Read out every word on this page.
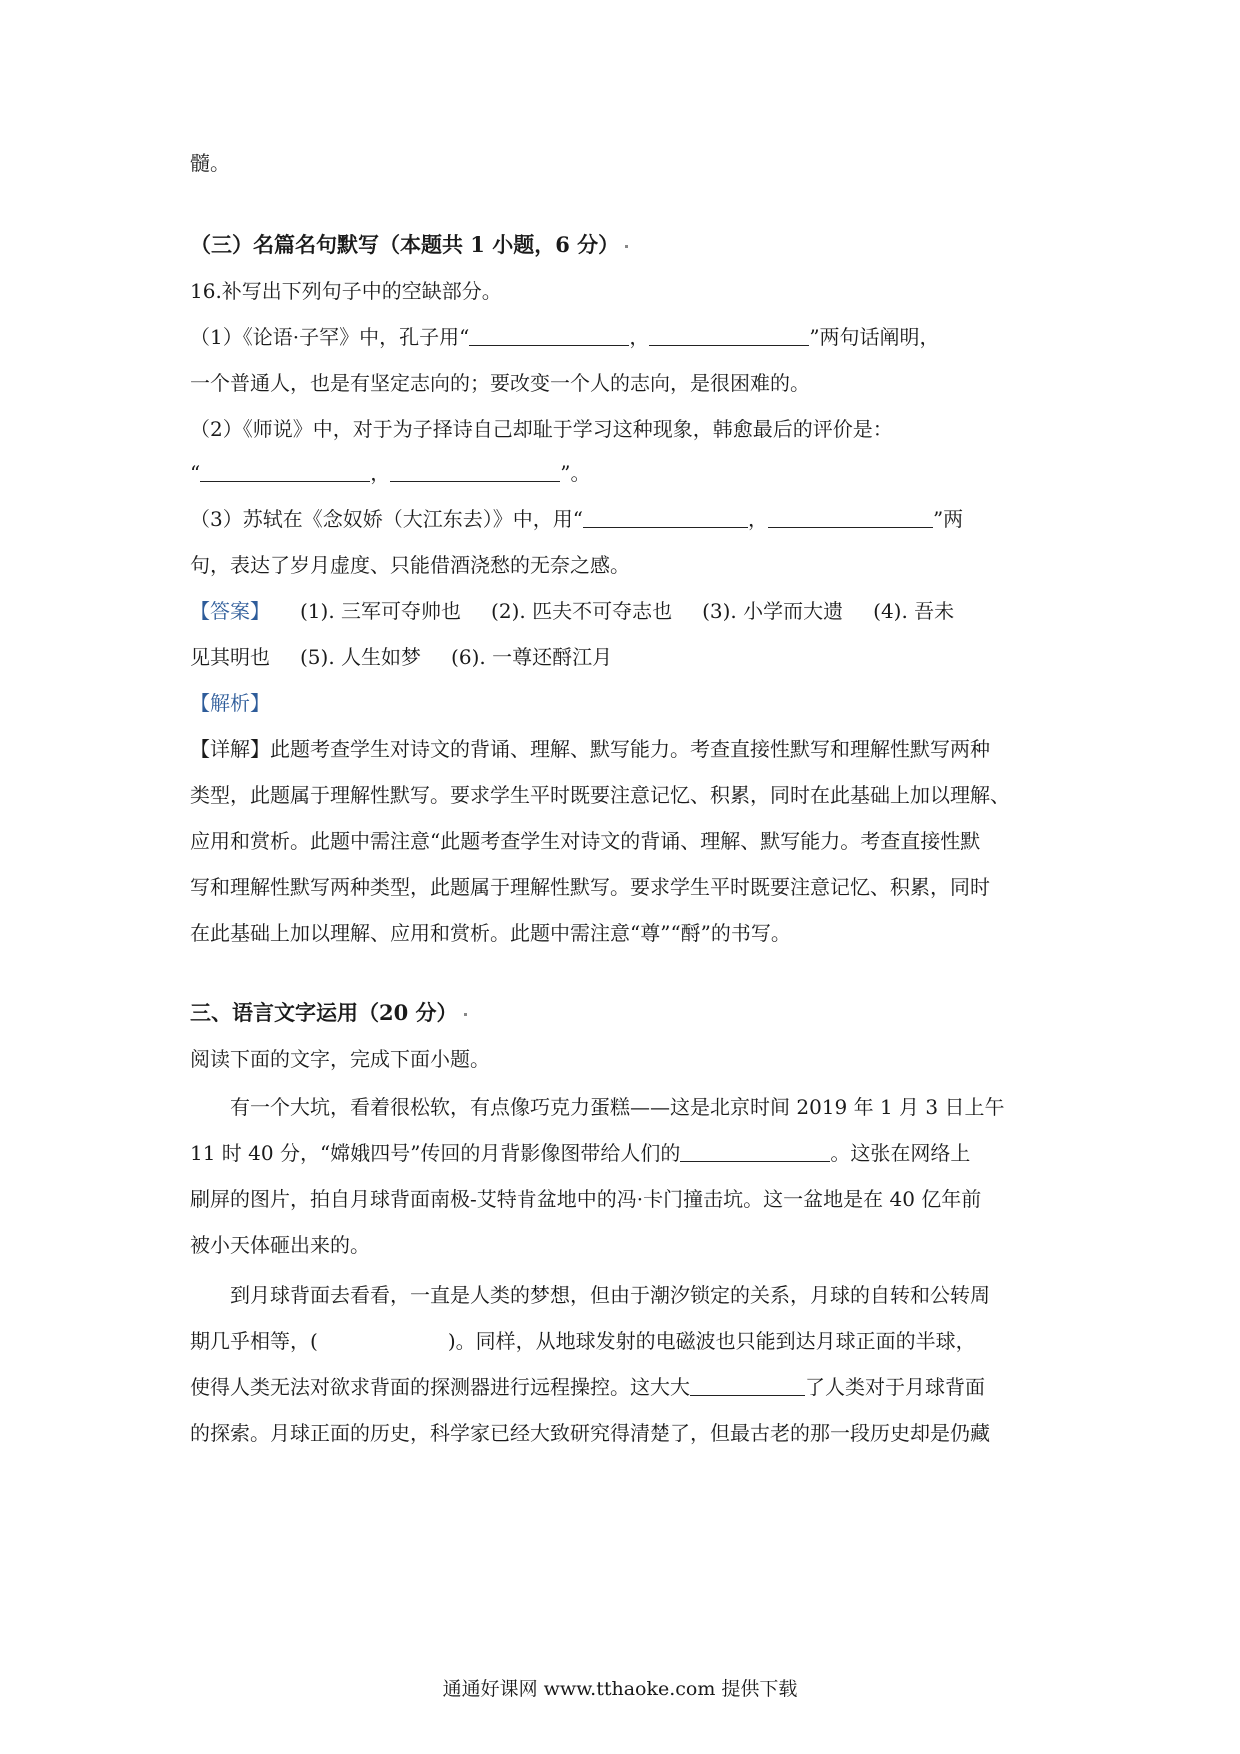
髓。
（三）名篇名句默写（本题共 1 小题，6 分）
16.补写出下列句子中的空缺部分。
（1）《论语·子罕》中，孔子用“	，	”两句话阐明，
一个普通人，也是有坚定志向的；要改变一个人的志向，是很困难的。
（2）《师说》中，对于为子择诗自己却耻于学习这种现象，韩愈最后的评价是：
“	，	”。
（3）苏轼在《念奴娇（大江东去）》中，用“	，	”两
句，表达了岁月虚度、只能借酒浇愁的无奈之感。
【答案】 (1). 三军可夺帅也 (2). 匹夫不可夺志也 (3). 小学而大遗 (4). 吾未
见其明也 (5). 人生如梦 (6). 一尊还酹江月
【解析】
【详解】此题考查学生对诗文的背诵、理解、默写能力。考查直接性默写和理解性默写两种
类型，此题属于理解性默写。要求学生平时既要注意记忆、积累，同时在此基础上加以理解、
应用和赏析。此题中需注意“此题考查学生对诗文的背诵、理解、默写能力。考查直接性默
写和理解性默写两种类型，此题属于理解性默写。要求学生平时既要注意记忆、积累，同时
在此基础上加以理解、应用和赏析。此题中需注意“尊”“酹”的书写。
三、语言文字运用（20 分）
阅读下面的文字，完成下面小题。
有一个大坑，看着很松软，有点像巧克力蛋糕——这是北京时间 2019 年 1 月 3 日上午
11 时 40 分，“嫦娥四号”传回的月背影像图带给人们的	。这张在网络上
刷屏的图片，拍自月球背面南极-艾特肯盆地中的冯·卡门撞击坑。这一盆地是在 40 亿年前
被小天体砸出来的。
到月球背面去看看，一直是人类的梦想，但由于潮汐锁定的关系，月球的自转和公转周
期几乎相等，(	)。同样，从地球发射的电磁波也只能到达月球正面的半球，
使得人类无法对欲求背面的探测器进行远程操控。这大大	了人类对于月球背面
的探索。月球正面的历史，科学家已经大致研究得清楚了，但最古老的那一段历史却是仍藏
通通好课网 www.tthaoke.com 提供下载
